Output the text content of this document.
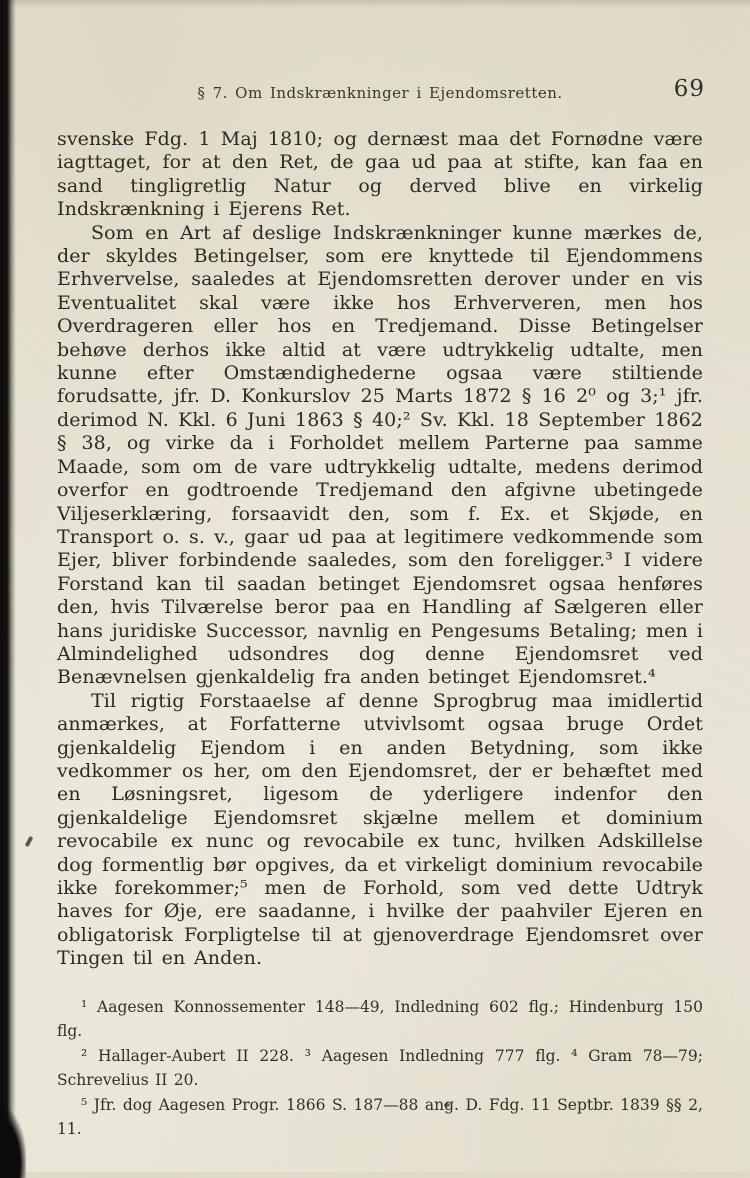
§ 7. Om Indskrænkninger i Ejendomsretten.	69

svenske Fdg. 1 Maj 1810; og dernæst maa det Fornødne være iagttaget, for at den Ret, de gaa ud paa at stifte, kan faa en sand tingligretlig Natur og derved blive en virkelig Indskrænkning i Ejerens Ret.

Som en Art af deslige Indskrænkninger kunne mærkes de, der skyldes Betingelser, som ere knyttede til Ejendommens Erhvervelse, saaledes at Ejendomsretten derover under en vis Eventualitet skal være ikke hos Erhververen, men hos Overdrageren eller hos en Tredjemand. Disse Betingelser behøve derhos ikke altid at være udtrykkelig udtalte, men kunne efter Omstændighederne ogsaa være stiltiende forudsatte, jfr. D. Konkurslov 25 Marts 1872 § 16 2⁰ og 3;¹ jfr. derimod N. Kkl. 6 Juni 1863 § 40;² Sv. Kkl. 18 September 1862 § 38, og virke da i Forholdet mellem Parterne paa samme Maade, som om de vare udtrykkelig udtalte, medens derimod overfor en godtroende Tredjemand den afgivne ubetingede Viljeserklæring, forsaavidt den, som f. Ex. et Skjøde, en Transport o. s. v., gaar ud paa at legitimere vedkommende som Ejer, bliver forbindende saaledes, som den foreligger.³ I videre Forstand kan til saadan betinget Ejendomsret ogsaa henføres den, hvis Tilværelse beror paa en Handling af Sælgeren eller hans juridiske Successor, navnlig en Pengesums Betaling; men i Almindelighed udsondres dog denne Ejendomsret ved Benævnelsen gjenkaldelig fra anden betinget Ejendomsret.⁴

Til rigtig Forstaaelse af denne Sprogbrug maa imidlertid anmærkes, at Forfatterne utvivlsomt ogsaa bruge Ordet gjenkaldelig Ejendom i en anden Betydning, som ikke vedkommer os her, om den Ejendomsret, der er behæftet med en Løsningsret, ligesom de yderligere indenfor den gjenkaldelige Ejendomsret skjælne mellem et dominium revocabile ex nunc og revocabile ex tunc, hvilken Adskillelse dog formentlig bør opgives, da et virkeligt dominium revocabile ikke forekommer;⁵ men de Forhold, som ved dette Udtryk haves for Øje, ere saadanne, i hvilke der paahviler Ejeren en obligatorisk Forpligtelse til at gjenoverdrage Ejendomsret over Tingen til en Anden.

¹ Aagesen Konnossementer 148—49, Indledning 602 flg.; Hindenburg 150 flg.

² Hallager-Aubert II 228. ³ Aagesen Indledning 777 flg. ⁴ Gram 78—79; Schrevelius II 20.

⁵ Jfr. dog Aagesen Progr. 1866 S. 187—88 ang. D. Fdg. 11 Septbr. 1839 §§ 2, 11.
